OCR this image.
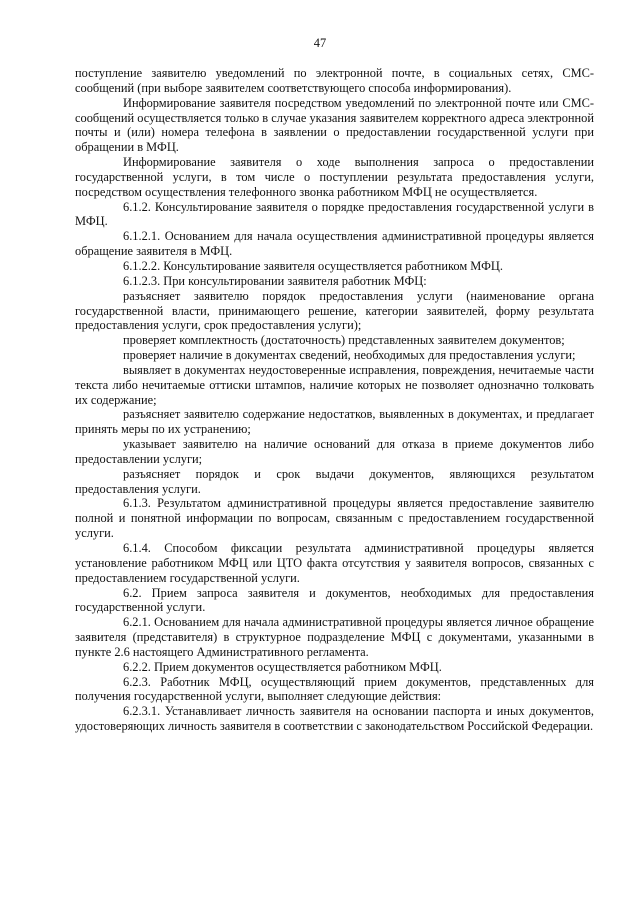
47

поступление заявителю уведомлений по электронной почте, в социальных сетях, СМС-сообщений (при выборе заявителем соответствующего способа информирования).

Информирование заявителя посредством уведомлений по электронной почте или СМС-сообщений осуществляется только в случае указания заявителем корректного адреса электронной почты и (или) номера телефона в заявлении о предоставлении государственной услуги при обращении в МФЦ.

Информирование заявителя о ходе выполнения запроса о предоставлении государственной услуги, в том числе о поступлении результата предоставления услуги, посредством осуществления телефонного звонка работником МФЦ не осуществляется.

6.1.2. Консультирование заявителя о порядке предоставления государственной услуги в МФЦ.

6.1.2.1. Основанием для начала осуществления административной процедуры является обращение заявителя в МФЦ.

6.1.2.2. Консультирование заявителя осуществляется работником МФЦ.

6.1.2.3. При консультировании заявителя работник МФЦ:

разъясняет заявителю порядок предоставления услуги (наименование органа государственной власти, принимающего решение, категории заявителей, форму результата предоставления услуги, срок предоставления услуги);

проверяет комплектность (достаточность) представленных заявителем документов;

проверяет наличие в документах сведений, необходимых для предоставления услуги;

выявляет в документах неудостоверенные исправления, повреждения, нечитаемые части текста либо нечитаемые оттиски штампов, наличие которых не позволяет однозначно толковать их содержание;

разъясняет заявителю содержание недостатков, выявленных в документах, и предлагает принять меры по их устранению;

указывает заявителю на наличие оснований для отказа в приеме документов либо предоставлении услуги;

разъясняет порядок и срок выдачи документов, являющихся результатом предоставления услуги.

6.1.3. Результатом административной процедуры является предоставление заявителю полной и понятной информации по вопросам, связанным с предоставлением государственной услуги.

6.1.4. Способом фиксации результата административной процедуры является установление работником МФЦ или ЦТО факта отсутствия у заявителя вопросов, связанных с предоставлением государственной услуги.

6.2. Прием запроса заявителя и документов, необходимых для предоставления государственной услуги.

6.2.1. Основанием для начала административной процедуры является личное обращение заявителя (представителя) в структурное подразделение МФЦ с документами, указанными в пункте 2.6 настоящего Административного регламента.

6.2.2. Прием документов осуществляется работником МФЦ.

6.2.3. Работник МФЦ, осуществляющий прием документов, представленных для получения государственной услуги, выполняет следующие действия:

6.2.3.1. Устанавливает личность заявителя на основании паспорта и иных документов, удостоверяющих личность заявителя в соответствии с законодательством Российской Федерации.
